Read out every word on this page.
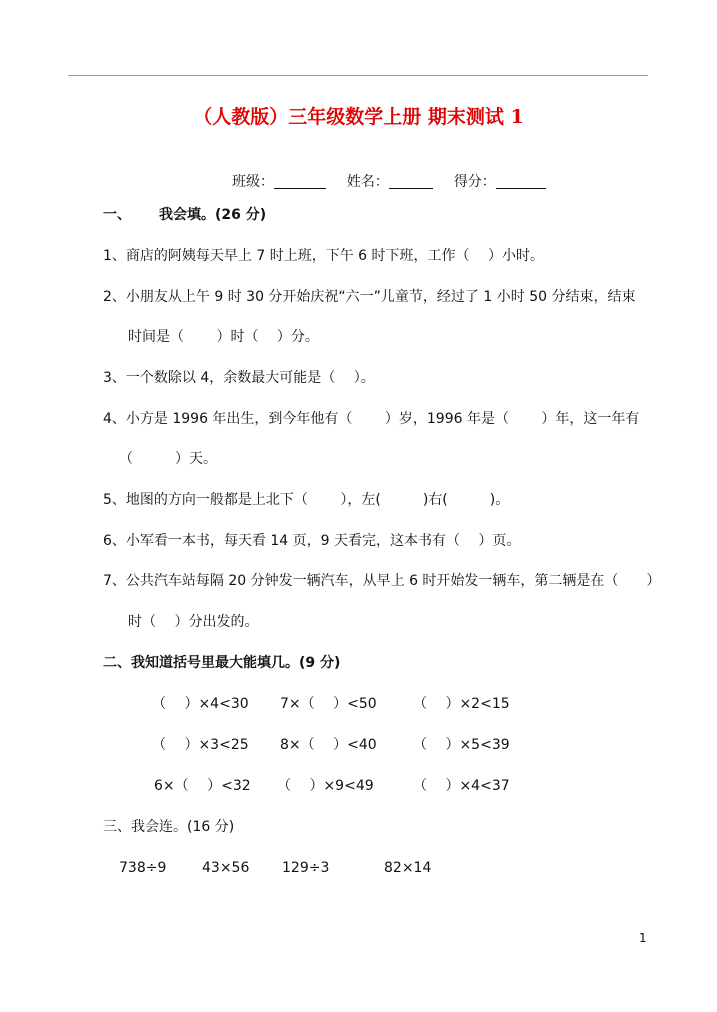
（人教版）三年级数学上册 期末测试 1
班级：	姓名：	得分：
一、 我会填。(26 分)
1、商店的阿姨每天早上 7 时上班，下午 6 时下班，工作（　 ）小时。
2、小朋友从上午 9 时 30 分开始庆祝“六一”儿童节，经过了 1 小时 50 分结束，结束
时间是（　　 ）时（　 ）分。
3、一个数除以 4，余数最大可能是（　 ）。
4、小方是 1996 年出生，到今年他有（　　 ）岁，1996 年是（　　 ）年，这一年有
（　　　）天。
5、地图的方向一般都是上北下（　　 ），左(　　　)右(　　　)。
6、小军看一本书，每天看 14 页，9 天看完，这本书有（　 ）页。
7、公共汽车站每隔 20 分钟发一辆汽车，从早上 6 时开始发一辆车，第二辆是在（　　）
时（　 ）分出发的。
二、我知道括号里最大能填几。(9 分)
（　 ）×4<30 7×（　 ）<50	（　 ）×2<15
（　 ）×3<25 8×（　 ）<40	（　 ）×5<39
6×（　 ）<32 （　 ）×9<49	（　 ）×4<37
三、我会连。(16 分)
738÷9	43×56 129÷3	82×14
1
